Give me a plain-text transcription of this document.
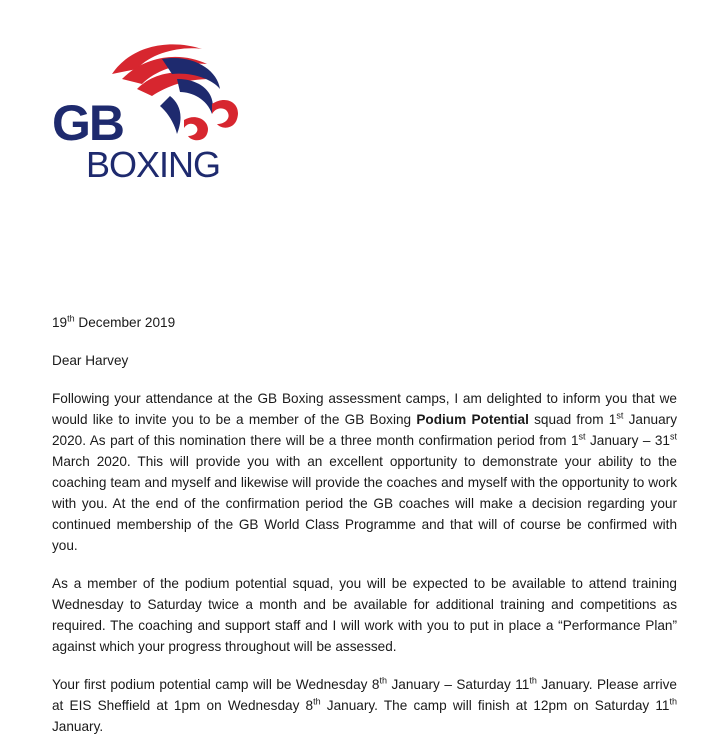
GB
BOXING

19th December 2019

Dear Harvey

Following your attendance at the GB Boxing assessment camps, I am delighted to inform you that we would like to invite you to be a member of the GB Boxing Podium Potential squad from 1st January 2020. As part of this nomination there will be a three month confirmation period from 1st January – 31st March 2020. This will provide you with an excellent opportunity to demonstrate your ability to the coaching team and myself and likewise will provide the coaches and myself with the opportunity to work with you. At the end of the confirmation period the GB coaches will make a decision regarding your continued membership of the GB World Class Programme and that will of course be confirmed with you.

As a member of the podium potential squad, you will be expected to be available to attend training Wednesday to Saturday twice a month and be available for additional training and competitions as required. The coaching and support staff and I will work with you to put in place a “Performance Plan” against which your progress throughout will be assessed.

Your first podium potential camp will be Wednesday 8th January – Saturday 11th January. Please arrive at EIS Sheffield at 1pm on Wednesday 8th January. The camp will finish at 12pm on Saturday 11th January.
